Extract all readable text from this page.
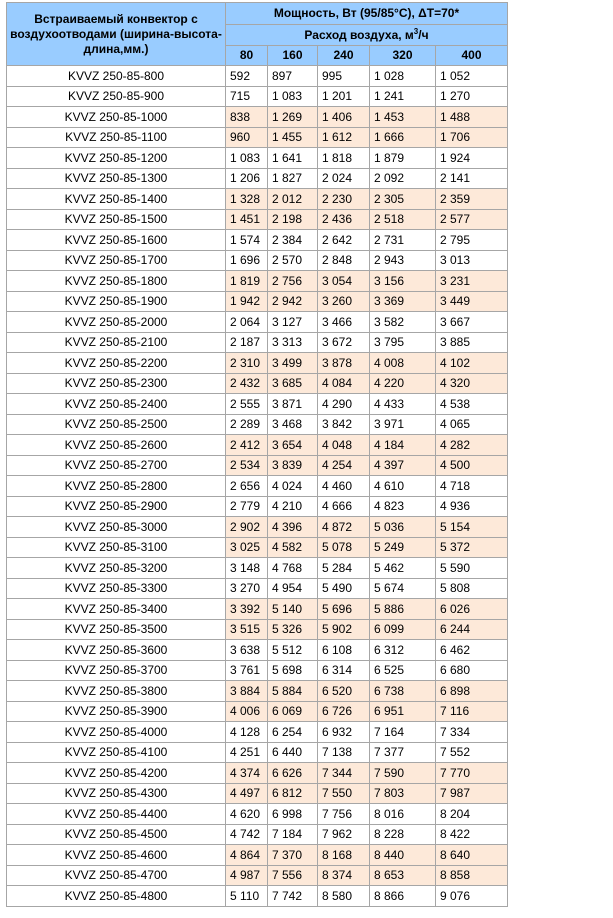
Встраиваемый конвектор с воздухоотводами (ширина-высота-длина,мм.)	Мощность, Вт (95/85°С), ΔT=70*				
	Расход воздуха, $м^3/ч$				
	80	160	240	320	400
KVVZ 250-85-800	592	897	995	1 028	1 052
KVVZ 250-85-900	715	1 083	1 201	1 241	1 270
KVVZ 250-85-1000	838	1 269	1 406	1 453	1 488
KVVZ 250-85-1100	960	1 455	1 612	1 666	1 706
KVVZ 250-85-1200	1 083	1 641	1 818	1 879	1 924
KVVZ 250-85-1300	1 206	1 827	2 024	2 092	2 141
KVVZ 250-85-1400	1 328	2 012	2 230	2 305	2 359
KVVZ 250-85-1500	1 451	2 198	2 436	2 518	2 577
KVVZ 250-85-1600	1 574	2 384	2 642	2 731	2 795
KVVZ 250-85-1700	1 696	2 570	2 848	2 943	3 013
KVVZ 250-85-1800	1 819	2 756	3 054	3 156	3 231
KVVZ 250-85-1900	1 942	2 942	3 260	3 369	3 449
KVVZ 250-85-2000	2 064	3 127	3 466	3 582	3 667
KVVZ 250-85-2100	2 187	3 313	3 672	3 795	3 885
KVVZ 250-85-2200	2 310	3 499	3 878	4 008	4 102
KVVZ 250-85-2300	2 432	3 685	4 084	4 220	4 320
KVVZ 250-85-2400	2 555	3 871	4 290	4 433	4 538
KVVZ 250-85-2500	2 289	3 468	3 842	3 971	4 065
KVVZ 250-85-2600	2 412	3 654	4 048	4 184	4 282
KVVZ 250-85-2700	2 534	3 839	4 254	4 397	4 500
KVVZ 250-85-2800	2 656	4 024	4 460	4 610	4 718
KVVZ 250-85-2900	2 779	4 210	4 666	4 823	4 936
KVVZ 250-85-3000	2 902	4 396	4 872	5 036	5 154
KVVZ 250-85-3100	3 025	4 582	5 078	5 249	5 372
KVVZ 250-85-3200	3 148	4 768	5 284	5 462	5 590
KVVZ 250-85-3300	3 270	4 954	5 490	5 674	5 808
KVVZ 250-85-3400	3 392	5 140	5 696	5 886	6 026
KVVZ 250-85-3500	3 515	5 326	5 902	6 099	6 244
KVVZ 250-85-3600	3 638	5 512	6 108	6 312	6 462
KVVZ 250-85-3700	3 761	5 698	6 314	6 525	6 680
KVVZ 250-85-3800	3 884	5 884	6 520	6 738	6 898
KVVZ 250-85-3900	4 006	6 069	6 726	6 951	7 116
KVVZ 250-85-4000	4 128	6 254	6 932	7 164	7 334
KVVZ 250-85-4100	4 251	6 440	7 138	7 377	7 552
KVVZ 250-85-4200	4 374	6 626	7 344	7 590	7 770
KVVZ 250-85-4300	4 497	6 812	7 550	7 803	7 987
KVVZ 250-85-4400	4 620	6 998	7 756	8 016	8 204
KVVZ 250-85-4500	4 742	7 184	7 962	8 228	8 422
KVVZ 250-85-4600	4 864	7 370	8 168	8 440	8 640
KVVZ 250-85-4700	4 987	7 556	8 374	8 653	8 858
KVVZ 250-85-4800	5 110	7 742	8 580	8 866	9 076
